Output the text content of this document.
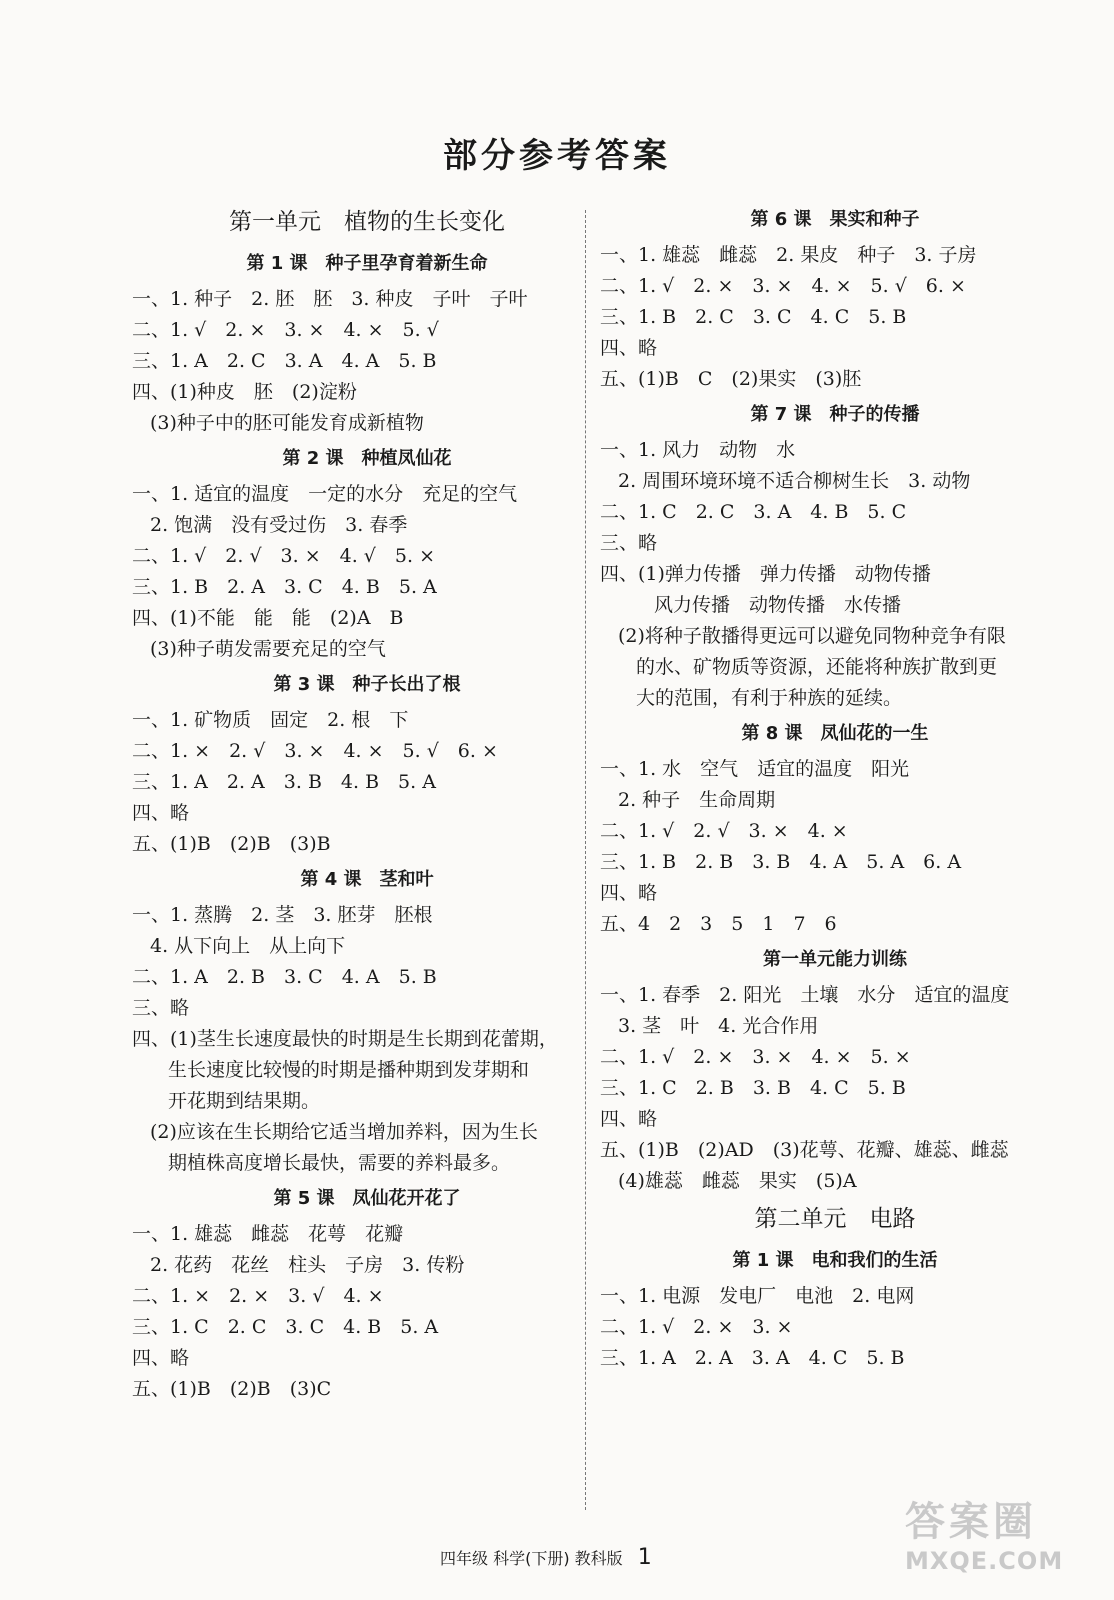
部分参考答案
第一单元　植物的生长变化
第 1 课　种子里孕育着新生命
一、1. 种子　2. 胚　胚　3. 种皮　子叶　子叶
二、1. √　2. ×　3. ×　4. ×　5. √
三、1. A　2. C　3. A　4. A　5. B
四、(1)种皮　胚　(2)淀粉
(3)种子中的胚可能发育成新植物
第 2 课　种植凤仙花
一、1. 适宜的温度　一定的水分　充足的空气
2. 饱满　没有受过伤　3. 春季
二、1. √　2. √　3. ×　4. √　5. ×
三、1. B　2. A　3. C　4. B　5. A
四、(1)不能　能　能　(2)A　B
(3)种子萌发需要充足的空气
第 3 课　种子长出了根
一、1. 矿物质　固定　2. 根　下
二、1. ×　2. √　3. ×　4. ×　5. √　6. ×
三、1. A　2. A　3. B　4. B　5. A
四、略
五、(1)B　(2)B　(3)B
第 4 课　茎和叶
一、1. 蒸腾　2. 茎　3. 胚芽　胚根
4. 从下向上　从上向下
二、1. A　2. B　3. C　4. A　5. B
三、略
四、(1)茎生长速度最快的时期是生长期到花蕾期，
生长速度比较慢的时期是播种期到发芽期和
开花期到结果期。
(2)应该在生长期给它适当增加养料，因为生长
期植株高度增长最快，需要的养料最多。
第 5 课　凤仙花开花了
一、1. 雄蕊　雌蕊　花萼　花瓣
2. 花药　花丝　柱头　子房　3. 传粉
二、1. ×　2. ×　3. √　4. ×
三、1. C　2. C　3. C　4. B　5. A
四、略
五、(1)B　(2)B　(3)C
第 6 课　果实和种子
一、1. 雄蕊　雌蕊　2. 果皮　种子　3. 子房
二、1. √　2. ×　3. ×　4. ×　5. √　6. ×
三、1. B　2. C　3. C　4. C　5. B
四、略
五、(1)B　C　(2)果实　(3)胚
第 7 课　种子的传播
一、1. 风力　动物　水
2. 周围环境环境不适合柳树生长　3. 动物
二、1. C　2. C　3. A　4. B　5. C
三、略
四、(1)弹力传播　弹力传播　动物传播
风力传播　动物传播　水传播
(2)将种子散播得更远可以避免同物种竞争有限
的水、矿物质等资源，还能将种族扩散到更
大的范围，有利于种族的延续。
第 8 课　凤仙花的一生
一、1. 水　空气　适宜的温度　阳光
2. 种子　生命周期
二、1. √　2. √　3. ×　4. ×
三、1. B　2. B　3. B　4. A　5. A　6. A
四、略
五、4　2　3　5　1　7　6
第一单元能力训练
一、1. 春季　2. 阳光　土壤　水分　适宜的温度
3. 茎　叶　4. 光合作用
二、1. √　2. ×　3. ×　4. ×　5. ×
三、1. C　2. B　3. B　4. C　5. B
四、略
五、(1)B　(2)AD　(3)花萼、花瓣、雄蕊、雌蕊
(4)雄蕊　雌蕊　果实　(5)A
第二单元　电路
第 1 课　电和我们的生活
一、1. 电源　发电厂　电池　2. 电网
二、1. √　2. ×　3. ×
三、1. A　2. A　3. A　4. C　5. B
四年级 科学(下册) 教科版 1
答案圈
MXQE.COM
